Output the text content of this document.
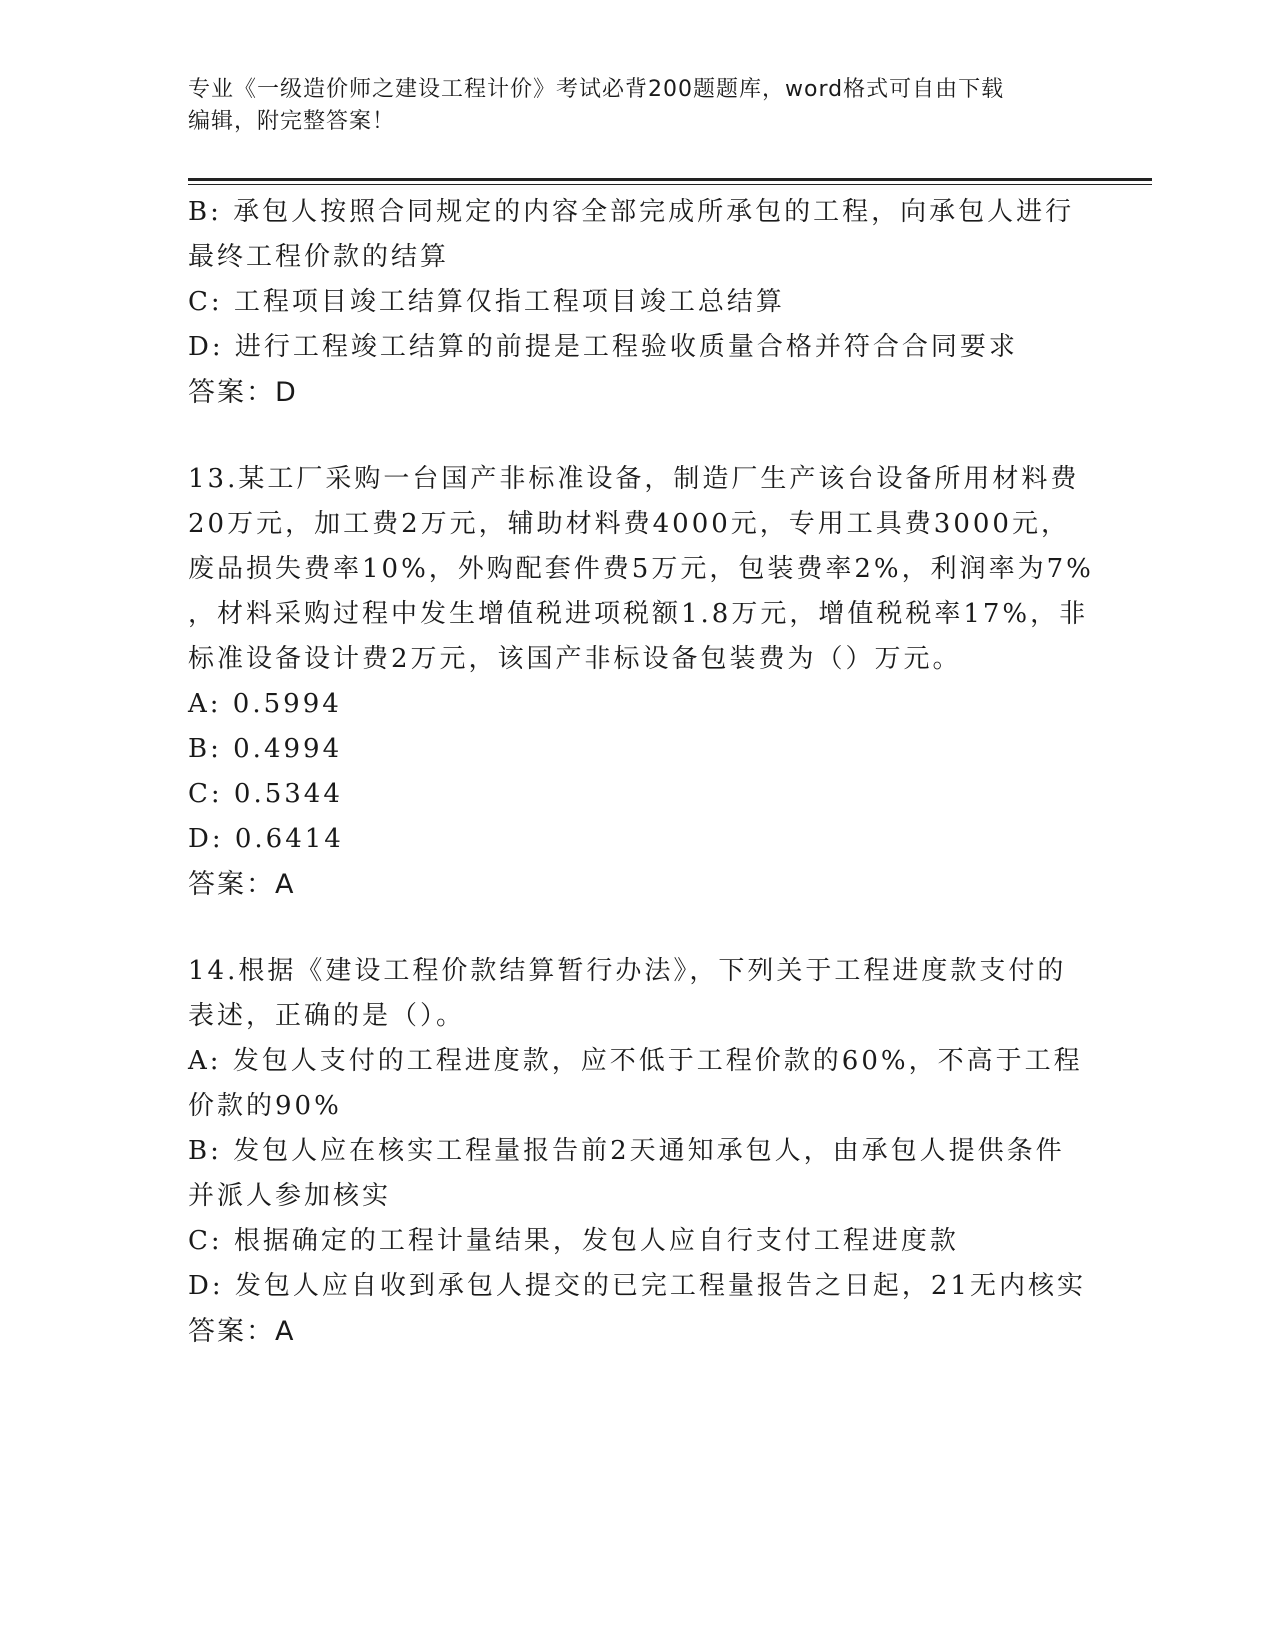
专业《一级造价师之建设工程计价》考试必背200题题库，word格式可自由下载
编辑，附完整答案！
B: 承包人按照合同规定的内容全部完成所承包的工程，向承包人进行
最终工程价款的结算
C: 工程项目竣工结算仅指工程项目竣工总结算
D: 进行工程竣工结算的前提是工程验收质量合格并符合合同要求
答案：D
13.某工厂采购一台国产非标准设备，制造厂生产该台设备所用材料费
20万元，加工费2万元，辅助材料费4000元，专用工具费3000元，
废品损失费率10%，外购配套件费5万元，包装费率2%，利润率为7%
，材料采购过程中发生增值税进项税额1.8万元，增值税税率17%，非
标准设备设计费2万元，该国产非标设备包装费为（）万元。
A: 0.5994
B: 0.4994
C: 0.5344
D: 0.6414
答案：A
14.根据《建设工程价款结算暂行办法》，下列关于工程进度款支付的
表述，正确的是（）。
A: 发包人支付的工程进度款，应不低于工程价款的60%，不高于工程
价款的90%
B: 发包人应在核实工程量报告前2天通知承包人，由承包人提供条件
并派人参加核实
C: 根据确定的工程计量结果，发包人应自行支付工程进度款
D: 发包人应自收到承包人提交的已完工程量报告之日起，21无内核实
答案：A
